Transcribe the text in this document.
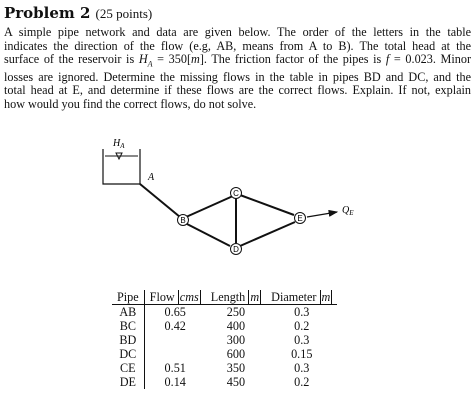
Problem 2 (25 points)
A simple pipe network and data are given below. The order of the letters in the table
indicates the direction of the flow (e.g, AB, means from A to B). The total head at the
surface of the reservoir is $H_A = 350[m]$. The friction factor of the pipes is f = 0.023. Minor
losses are ignored. Determine the missing flows in the table in pipes BD and DC, and the
total head at E, and determine if these flows are the correct flows. Explain. If not, explain
how would you find the correct flows, do not solve.
$H_A$
A
B
C
D
E
$Q_E$
Pipe	Flow cms	Length m	Diameter m
AB	0.65	250	0.3
BC	0.42	400	0.2
BD		300	0.3
DC		600	0.15
CE	0.51	350	0.3
DE	0.14	450	0.2
